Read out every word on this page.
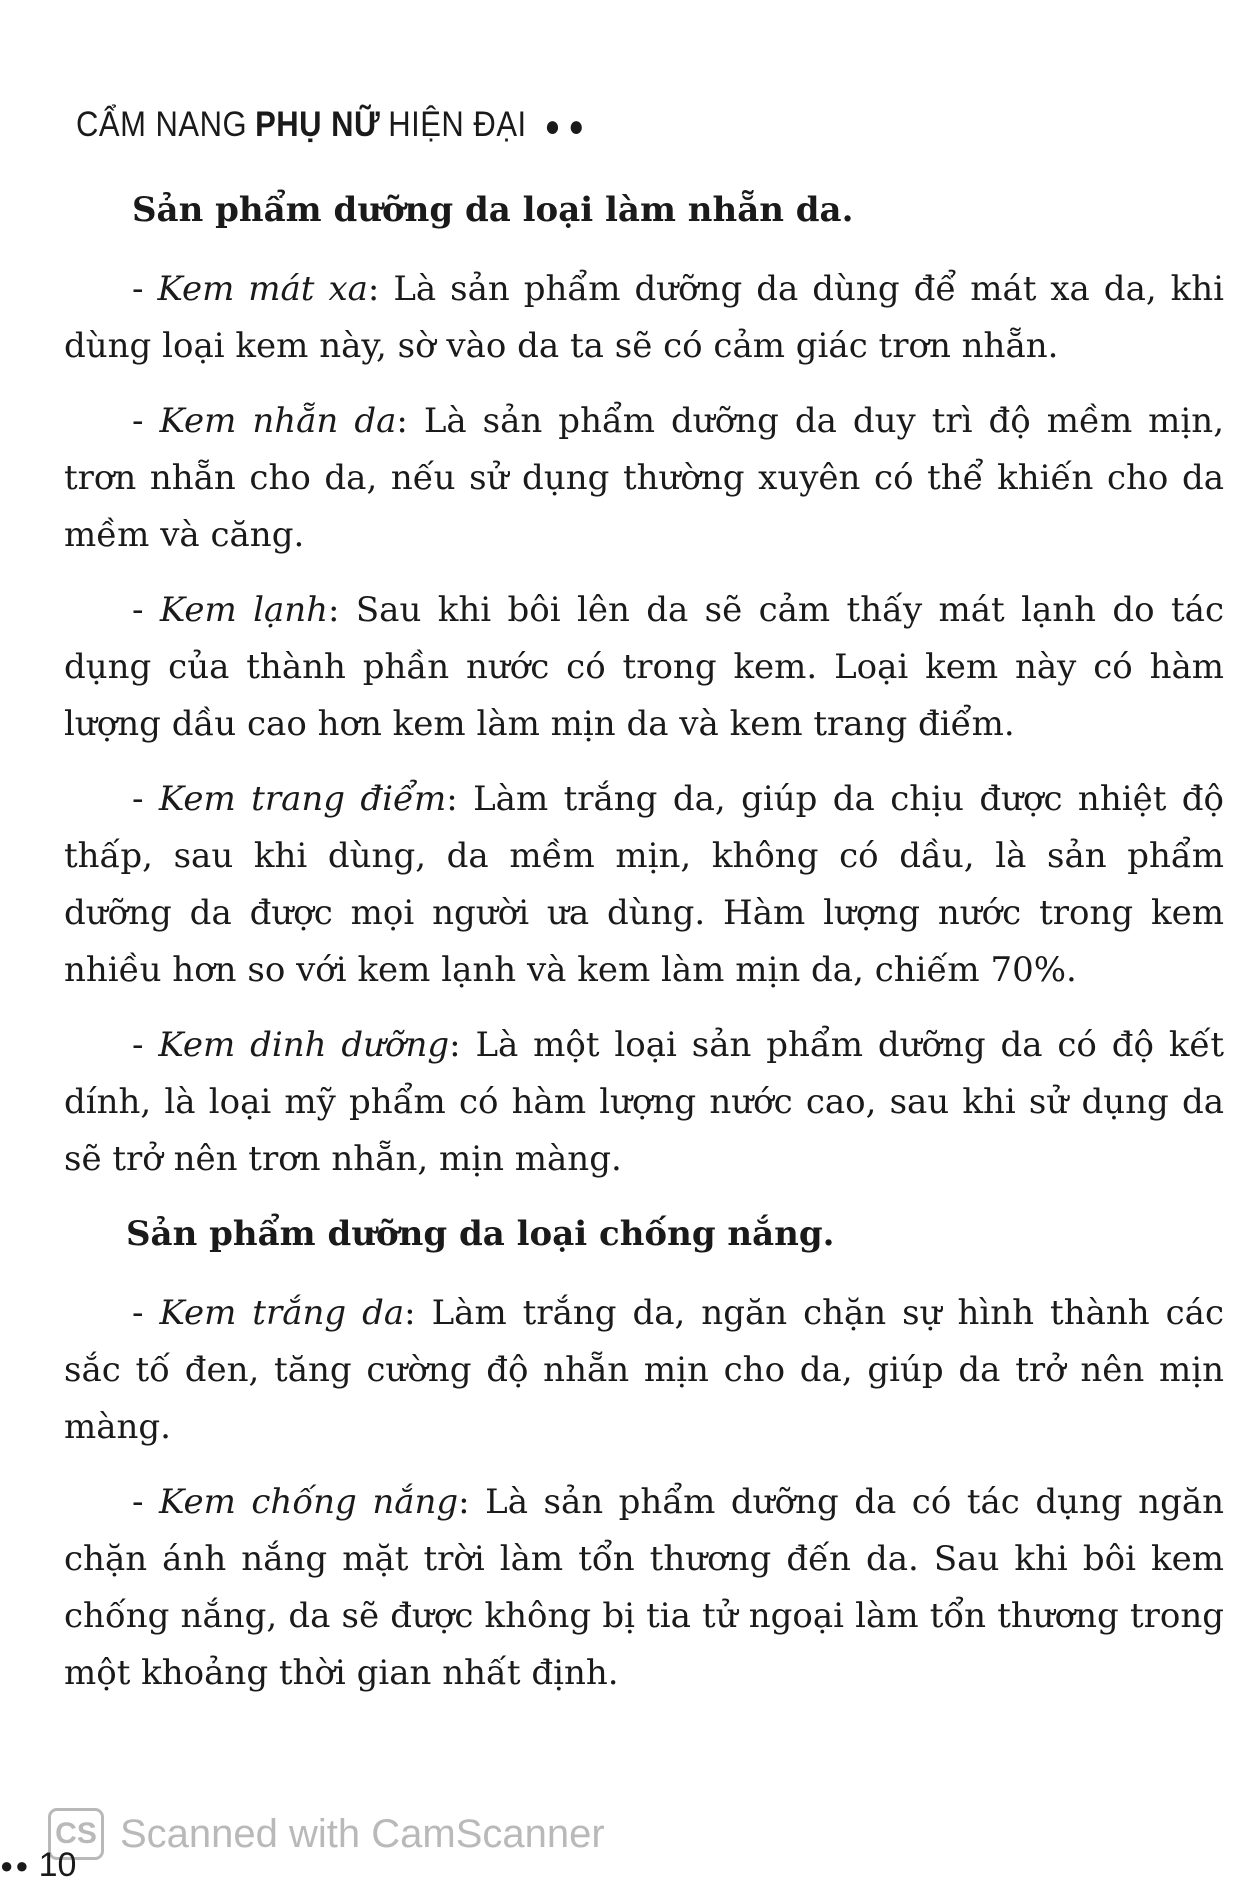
CẨM NANG PHỤ NỮ HIỆN ĐẠI ●●
Sản phẩm dưỡng da loại làm nhẵn da.

- Kem mát xa: Là sản phẩm dưỡng da dùng để mát xa da, khi dùng loại kem này, sờ vào da ta sẽ có cảm giác trơn nhẵn.

- Kem nhẵn da: Là sản phẩm dưỡng da duy trì độ mềm mịn, trơn nhẵn cho da, nếu sử dụng thường xuyên có thể khiến cho da mềm và căng.

- Kem lạnh: Sau khi bôi lên da sẽ cảm thấy mát lạnh do tác dụng của thành phần nước có trong kem. Loại kem này có hàm lượng dầu cao hơn kem làm mịn da và kem trang điểm.

- Kem trang điểm: Làm trắng da, giúp da chịu được nhiệt độ thấp, sau khi dùng, da mềm mịn, không có dầu, là sản phẩm dưỡng da được mọi người ưa dùng. Hàm lượng nước trong kem nhiều hơn so với kem lạnh và kem làm mịn da, chiếm 70%.

- Kem dinh dưỡng: Là một loại sản phẩm dưỡng da có độ kết dính, là loại mỹ phẩm có hàm lượng nước cao, sau khi sử dụng da sẽ trở nên trơn nhẵn, mịn màng.

Sản phẩm dưỡng da loại chống nắng.

- Kem trắng da: Làm trắng da, ngăn chặn sự hình thành các sắc tố đen, tăng cường độ nhẵn mịn cho da, giúp da trở nên mịn màng.

- Kem chống nắng: Là sản phẩm dưỡng da có tác dụng ngăn chặn ánh nắng mặt trời làm tổn thương đến da. Sau khi bôi kem chống nắng, da sẽ được không bị tia tử ngoại làm tổn thương trong một khoảng thời gian nhất định.

CS Scanned with CamScanner
●● 10
